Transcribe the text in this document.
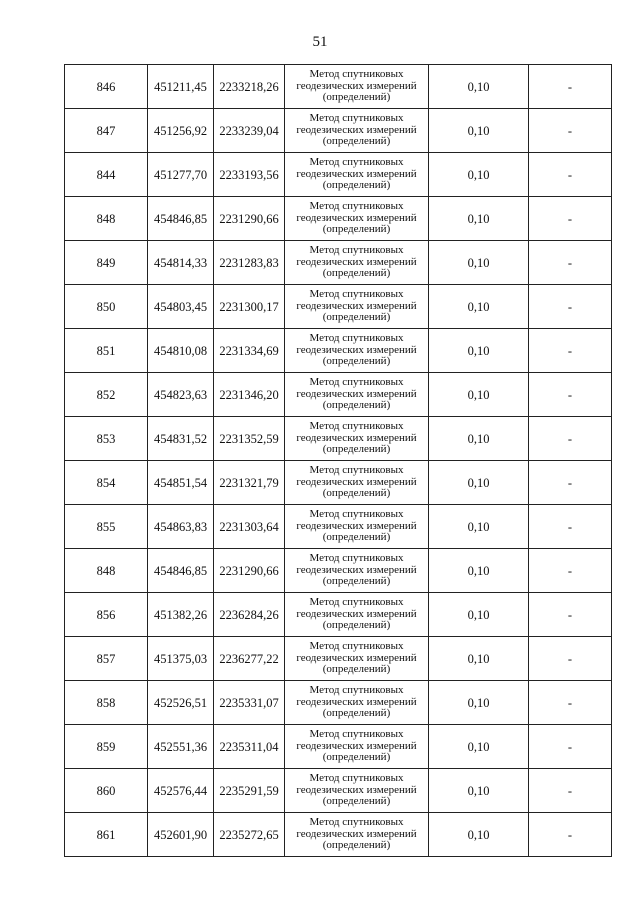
51
846	451211,45	2233218,26	Метод спутниковых
геодезических измерений
(определений)	0,10	-
847	451256,92	2233239,04	Метод спутниковых
геодезических измерений
(определений)	0,10	-
844	451277,70	2233193,56	Метод спутниковых
геодезических измерений
(определений)	0,10	-
848	454846,85	2231290,66	Метод спутниковых
геодезических измерений
(определений)	0,10	-
849	454814,33	2231283,83	Метод спутниковых
геодезических измерений
(определений)	0,10	-
850	454803,45	2231300,17	Метод спутниковых
геодезических измерений
(определений)	0,10	-
851	454810,08	2231334,69	Метод спутниковых
геодезических измерений
(определений)	0,10	-
852	454823,63	2231346,20	Метод спутниковых
геодезических измерений
(определений)	0,10	-
853	454831,52	2231352,59	Метод спутниковых
геодезических измерений
(определений)	0,10	-
854	454851,54	2231321,79	Метод спутниковых
геодезических измерений
(определений)	0,10	-
855	454863,83	2231303,64	Метод спутниковых
геодезических измерений
(определений)	0,10	-
848	454846,85	2231290,66	Метод спутниковых
геодезических измерений
(определений)	0,10	-
856	451382,26	2236284,26	Метод спутниковых
геодезических измерений
(определений)	0,10	-
857	451375,03	2236277,22	Метод спутниковых
геодезических измерений
(определений)	0,10	-
858	452526,51	2235331,07	Метод спутниковых
геодезических измерений
(определений)	0,10	-
859	452551,36	2235311,04	Метод спутниковых
геодезических измерений
(определений)	0,10	-
860	452576,44	2235291,59	Метод спутниковых
геодезических измерений
(определений)	0,10	-
861	452601,90	2235272,65	Метод спутниковых
геодезических измерений
(определений)	0,10	-
